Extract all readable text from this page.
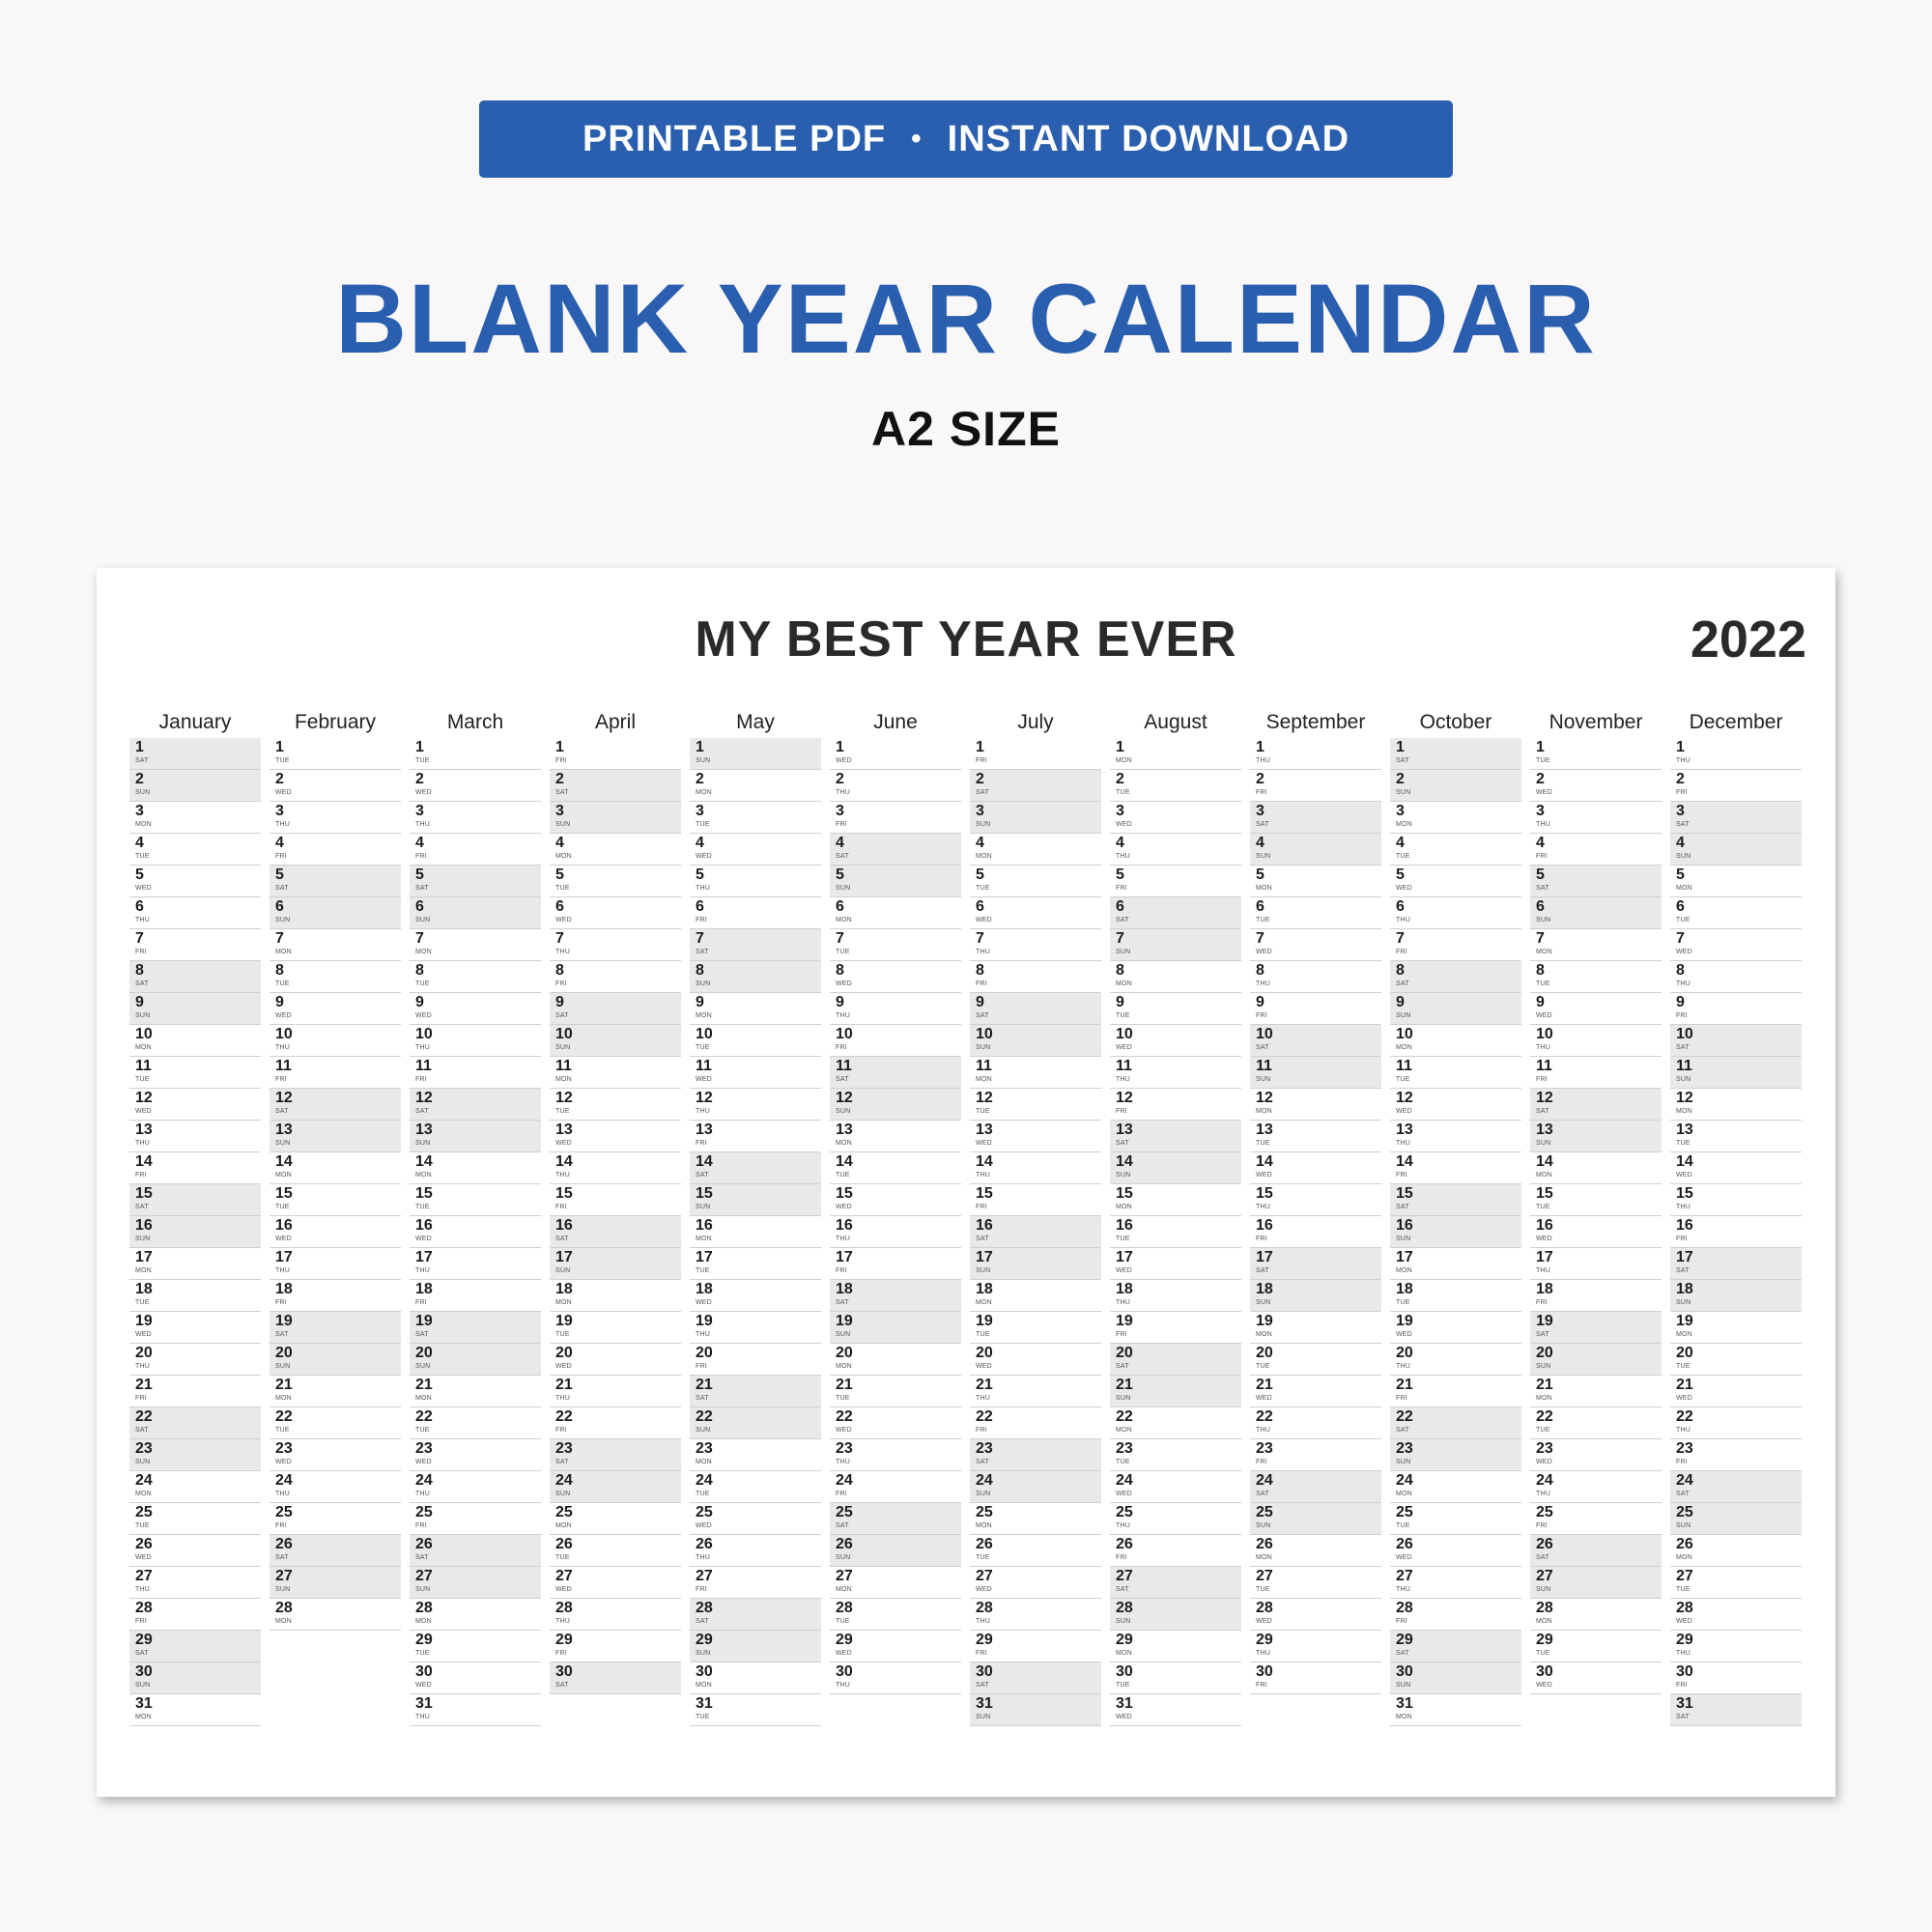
PRINTABLE PDF • INSTANT DOWNLOAD
BLANK YEAR CALENDAR
A2 SIZE
MY BEST YEAR EVER	2022
January
1
SAT
2
SUN
3
MON
4
TUE
5
WED
6
THU
7
FRI
8
SAT
9
SUN
10
MON
11
TUE
12
WED
13
THU
14
FRI
15
SAT
16
SUN
17
MON
18
TUE
19
WED
20
THU
21
FRI
22
SAT
23
SUN
24
MON
25
TUE
26
WED
27
THU
28
FRI
29
SAT
30
SUN
31
MON
February
1
TUE
2
WED
3
THU
4
FRI
5
SAT
6
SUN
7
MON
8
TUE
9
WED
10
THU
11
FRI
12
SAT
13
SUN
14
MON
15
TUE
16
WED
17
THU
18
FRI
19
SAT
20
SUN
21
MON
22
TUE
23
WED
24
THU
25
FRI
26
SAT
27
SUN
28
MON
March
1
TUE
2
WED
3
THU
4
FRI
5
SAT
6
SUN
7
MON
8
TUE
9
WED
10
THU
11
FRI
12
SAT
13
SUN
14
MON
15
TUE
16
WED
17
THU
18
FRI
19
SAT
20
SUN
21
MON
22
TUE
23
WED
24
THU
25
FRI
26
SAT
27
SUN
28
MON
29
TUE
30
WED
31
THU
April
1
FRI
2
SAT
3
SUN
4
MON
5
TUE
6
WED
7
THU
8
FRI
9
SAT
10
SUN
11
MON
12
TUE
13
WED
14
THU
15
FRI
16
SAT
17
SUN
18
MON
19
TUE
20
WED
21
THU
22
FRI
23
SAT
24
SUN
25
MON
26
TUE
27
WED
28
THU
29
FRI
30
SAT
May
1
SUN
2
MON
3
TUE
4
WED
5
THU
6
FRI
7
SAT
8
SUN
9
MON
10
TUE
11
WED
12
THU
13
FRI
14
SAT
15
SUN
16
MON
17
TUE
18
WED
19
THU
20
FRI
21
SAT
22
SUN
23
MON
24
TUE
25
WED
26
THU
27
FRI
28
SAT
29
SUN
30
MON
31
TUE
June
1
WED
2
THU
3
FRI
4
SAT
5
SUN
6
MON
7
TUE
8
WED
9
THU
10
FRI
11
SAT
12
SUN
13
MON
14
TUE
15
WED
16
THU
17
FRI
18
SAT
19
SUN
20
MON
21
TUE
22
WED
23
THU
24
FRI
25
SAT
26
SUN
27
MON
28
TUE
29
WED
30
THU
July
1
FRI
2
SAT
3
SUN
4
MON
5
TUE
6
WED
7
THU
8
FRI
9
SAT
10
SUN
11
MON
12
TUE
13
WED
14
THU
15
FRI
16
SAT
17
SUN
18
MON
19
TUE
20
WED
21
THU
22
FRI
23
SAT
24
SUN
25
MON
26
TUE
27
WED
28
THU
29
FRI
30
SAT
31
SUN
August
1
MON
2
TUE
3
WED
4
THU
5
FRI
6
SAT
7
SUN
8
MON
9
TUE
10
WED
11
THU
12
FRI
13
SAT
14
SUN
15
MON
16
TUE
17
WED
18
THU
19
FRI
20
SAT
21
SUN
22
MON
23
TUE
24
WED
25
THU
26
FRI
27
SAT
28
SUN
29
MON
30
TUE
31
WED
September
1
THU
2
FRI
3
SAT
4
SUN
5
MON
6
TUE
7
WED
8
THU
9
FRI
10
SAT
11
SUN
12
MON
13
TUE
14
WED
15
THU
16
FRI
17
SAT
18
SUN
19
MON
20
TUE
21
WED
22
THU
23
FRI
24
SAT
25
SUN
26
MON
27
TUE
28
WED
29
THU
30
FRI
October
1
SAT
2
SUN
3
MON
4
TUE
5
WED
6
THU
7
FRI
8
SAT
9
SUN
10
MON
11
TUE
12
WED
13
THU
14
FRI
15
SAT
16
SUN
17
MON
18
TUE
19
WED
20
THU
21
FRI
22
SAT
23
SUN
24
MON
25
TUE
26
WED
27
THU
28
FRI
29
SAT
30
SUN
31
MON
November
1
TUE
2
WED
3
THU
4
FRI
5
SAT
6
SUN
7
MON
8
TUE
9
WED
10
THU
11
FRI
12
SAT
13
SUN
14
MON
15
TUE
16
WED
17
THU
18
FRI
19
SAT
20
SUN
21
MON
22
TUE
23
WED
24
THU
25
FRI
26
SAT
27
SUN
28
MON
29
TUE
30
WED
December
1
THU
2
FRI
3
SAT
4
SUN
5
MON
6
TUE
7
WED
8
THU
9
FRI
10
SAT
11
SUN
12
MON
13
TUE
14
WED
15
THU
16
FRI
17
SAT
18
SUN
19
MON
20
TUE
21
WED
22
THU
23
FRI
24
SAT
25
SUN
26
MON
27
TUE
28
WED
29
THU
30
FRI
31
SAT
